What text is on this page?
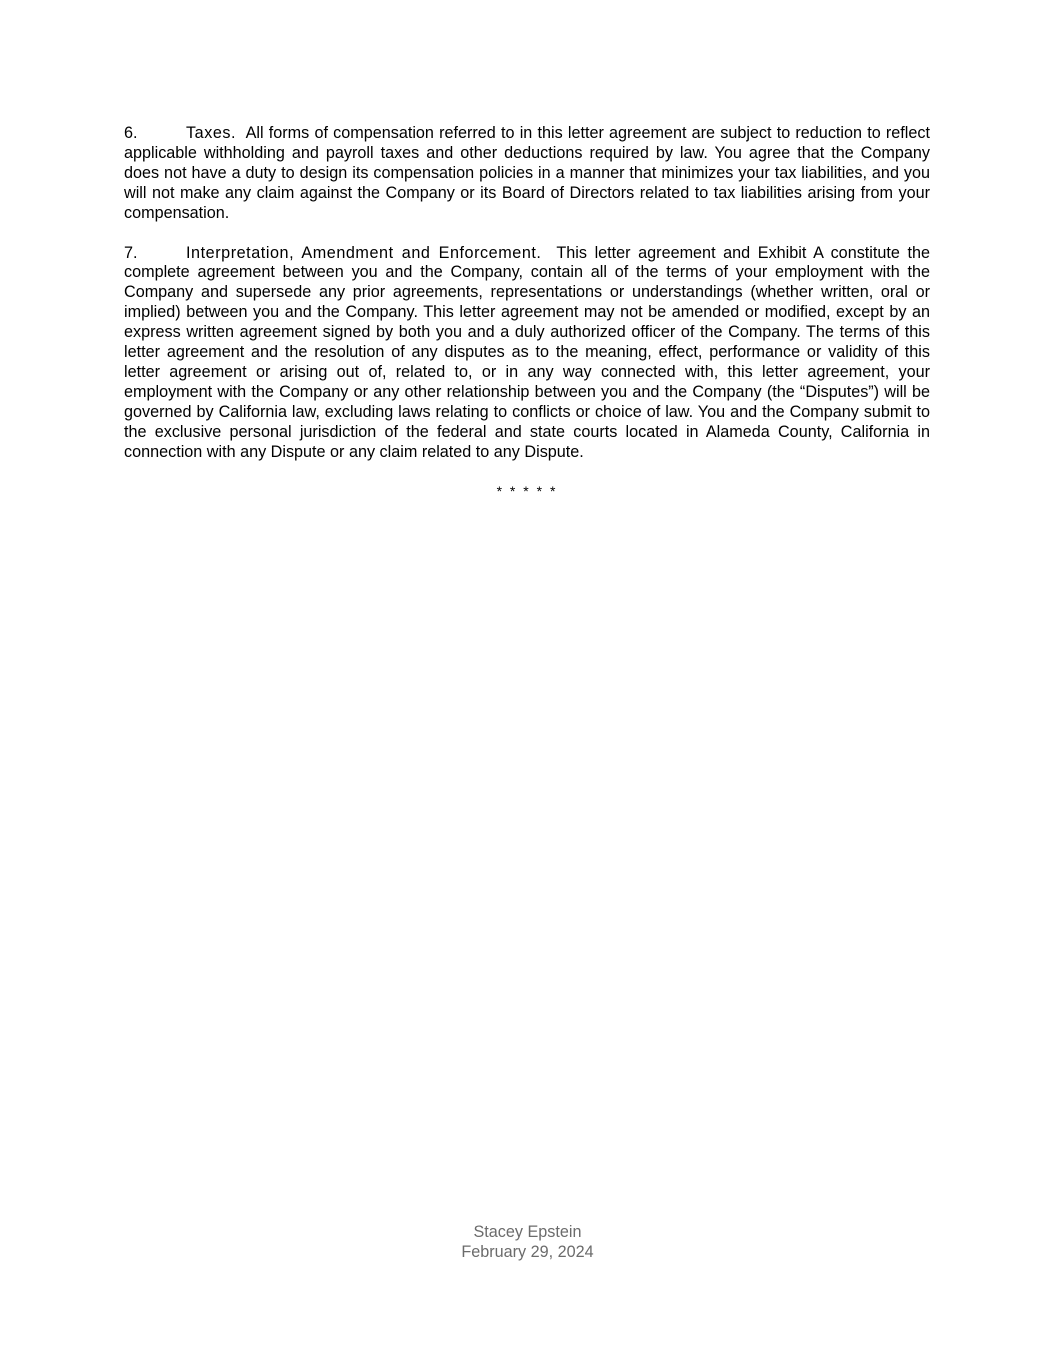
6.	Taxes. All forms of compensation referred to in this letter agreement are subject to reduction to reflect applicable withholding and payroll taxes and other deductions required by law. You agree that the Company does not have a duty to design its compensation policies in a manner that minimizes your tax liabilities, and you will not make any claim against the Company or its Board of Directors related to tax liabilities arising from your compensation.

7.	Interpretation, Amendment and Enforcement. This letter agreement and Exhibit A constitute the complete agreement between you and the Company, contain all of the terms of your employment with the Company and supersede any prior agreements, representations or understandings (whether written, oral or implied) between you and the Company. This letter agreement may not be amended or modified, except by an express written agreement signed by both you and a duly authorized officer of the Company. The terms of this letter agreement and the resolution of any disputes as to the meaning, effect, performance or validity of this letter agreement or arising out of, related to, or in any way connected with, this letter agreement, your employment with the Company or any other relationship between you and the Company (the “Disputes”) will be governed by California law, excluding laws relating to conflicts or choice of law. You and the Company submit to the exclusive personal jurisdiction of the federal and state courts located in Alameda County, California in connection with any Dispute or any claim related to any Dispute.

* * * * *
Stacey Epstein
February 29, 2024
